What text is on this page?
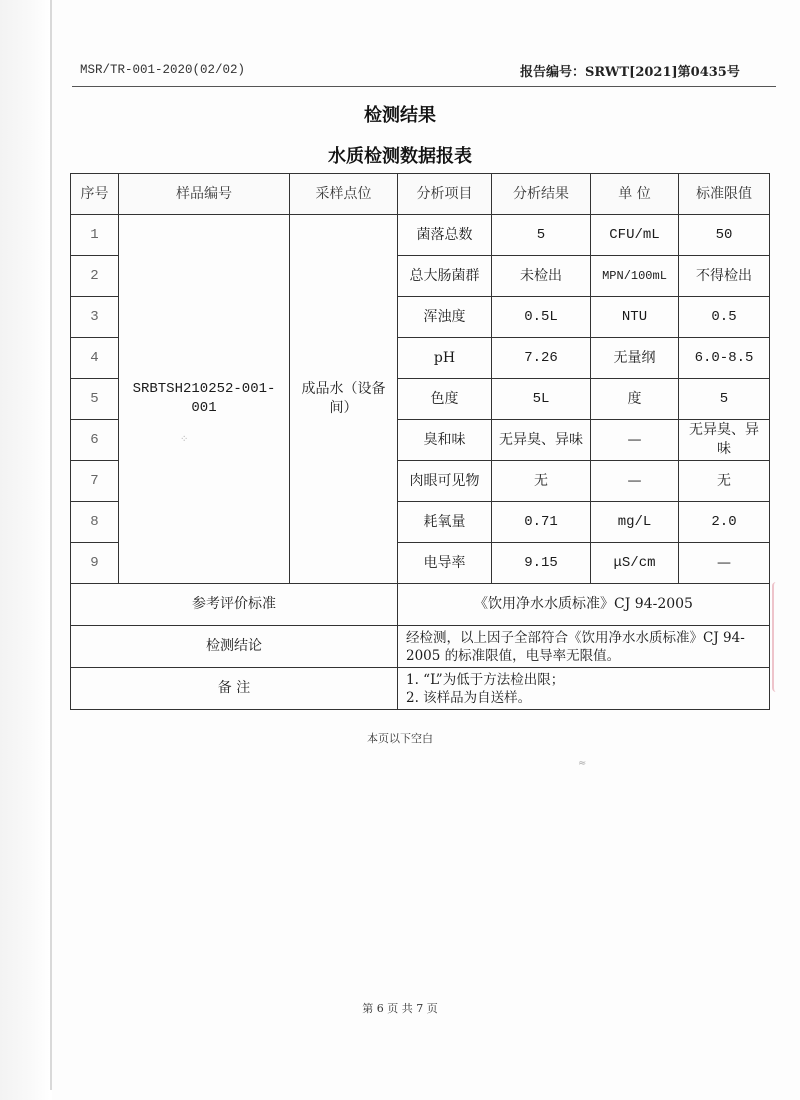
MSR/TR-001-2020(02/02)	报告编号：SRWT[2021]第0435号
检测结果
水质检测数据报表
序号	样品编号	采样点位	分析项目	分析结果	单 位	标准限值
1	SRBTSH210252-001-001	成品水（设备间）	菌落总数	5	CFU/mL	50
2			总大肠菌群	未检出	MPN/100mL	不得检出
3			浑浊度	0.5L	NTU	0.5
4			pH	7.26	无量纲	6.0-8.5
5			色度	5L	度	5
6			臭和味	无异臭、异味	—	无异臭、异味
7			肉眼可见物	无	—	无
8			耗氧量	0.71	mg/L	2.0
9			电导率	9.15	μS/cm	—
参考评价标准			《饮用净水水质标准》CJ 94-2005			
检测结论			经检测，以上因子全部符合《饮用净水水质标准》CJ 94-2005 的标准限值，电导率无限值。			
备 注			1. “L”为低于方法检出限；
2. 该样品为自送样。			
本页以下空白
第 6 页 共 7 页
⁘
≈
